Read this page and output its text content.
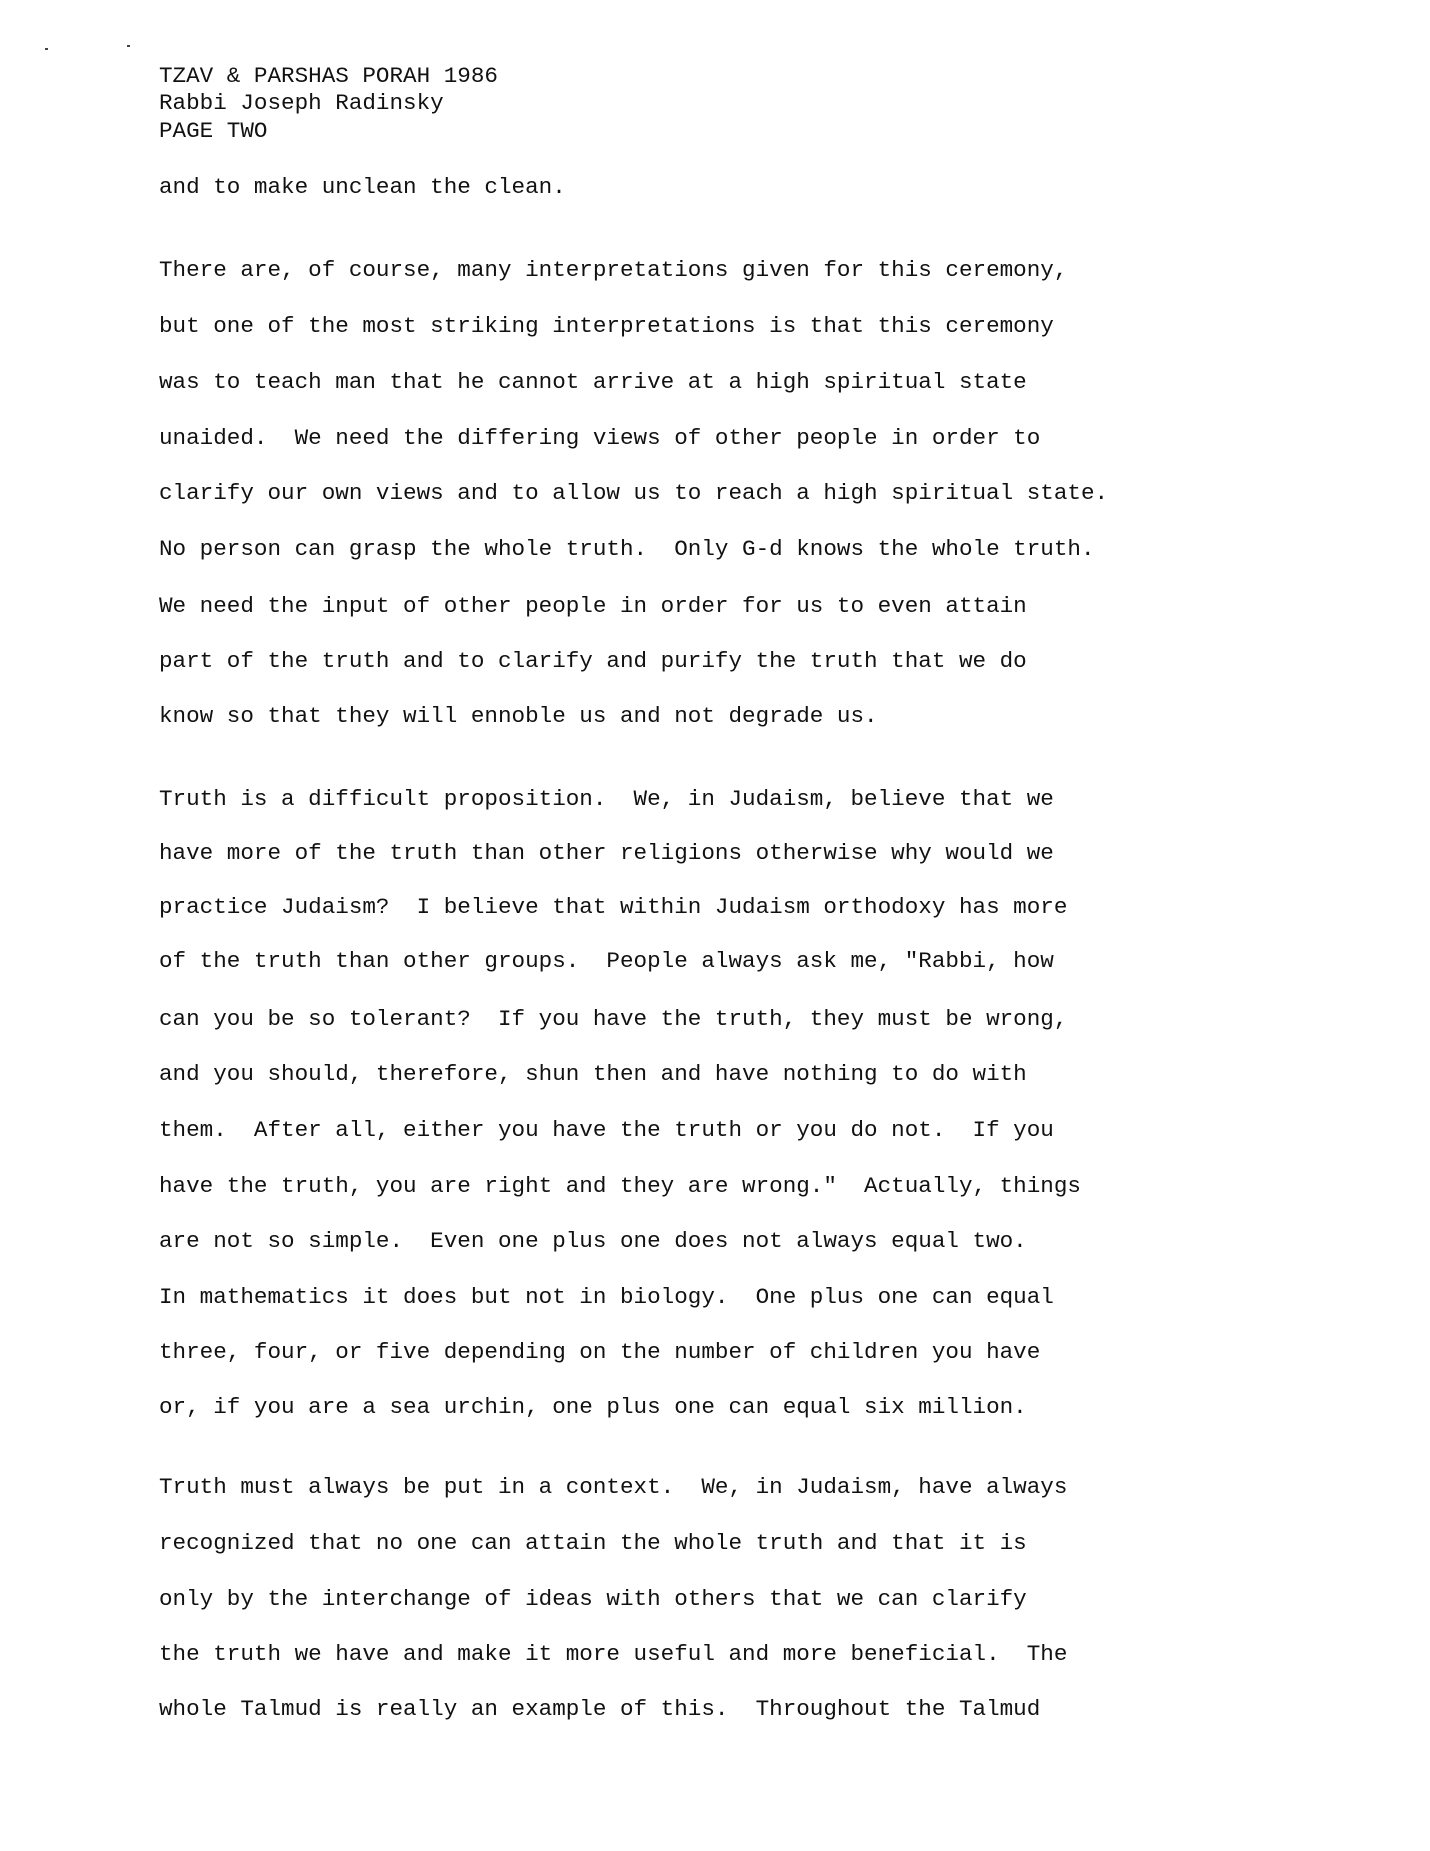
TZAV & PARSHAS PORAH 1986
Rabbi Joseph Radinsky
PAGE TWO
and to make unclean the clean.
There are, of course, many interpretations given for this ceremony,
but one of the most striking interpretations is that this ceremony
was to teach man that he cannot arrive at a high spiritual state
unaided.  We need the differing views of other people in order to
clarify our own views and to allow us to reach a high spiritual state.
No person can grasp the whole truth.  Only G-d knows the whole truth.
We need the input of other people in order for us to even attain
part of the truth and to clarify and purify the truth that we do
know so that they will ennoble us and not degrade us.
Truth is a difficult proposition.  We, in Judaism, believe that we
have more of the truth than other religions otherwise why would we
practice Judaism?  I believe that within Judaism orthodoxy has more
of the truth than other groups.  People always ask me, "Rabbi, how
can you be so tolerant?  If you have the truth, they must be wrong,
and you should, therefore, shun then and have nothing to do with
them.  After all, either you have the truth or you do not.  If you
have the truth, you are right and they are wrong."  Actually, things
are not so simple.  Even one plus one does not always equal two.
In mathematics it does but not in biology.  One plus one can equal
three, four, or five depending on the number of children you have
or, if you are a sea urchin, one plus one can equal six million.
Truth must always be put in a context.  We, in Judaism, have always
recognized that no one can attain the whole truth and that it is
only by the interchange of ideas with others that we can clarify
the truth we have and make it more useful and more beneficial.  The
whole Talmud is really an example of this.  Throughout the Talmud
